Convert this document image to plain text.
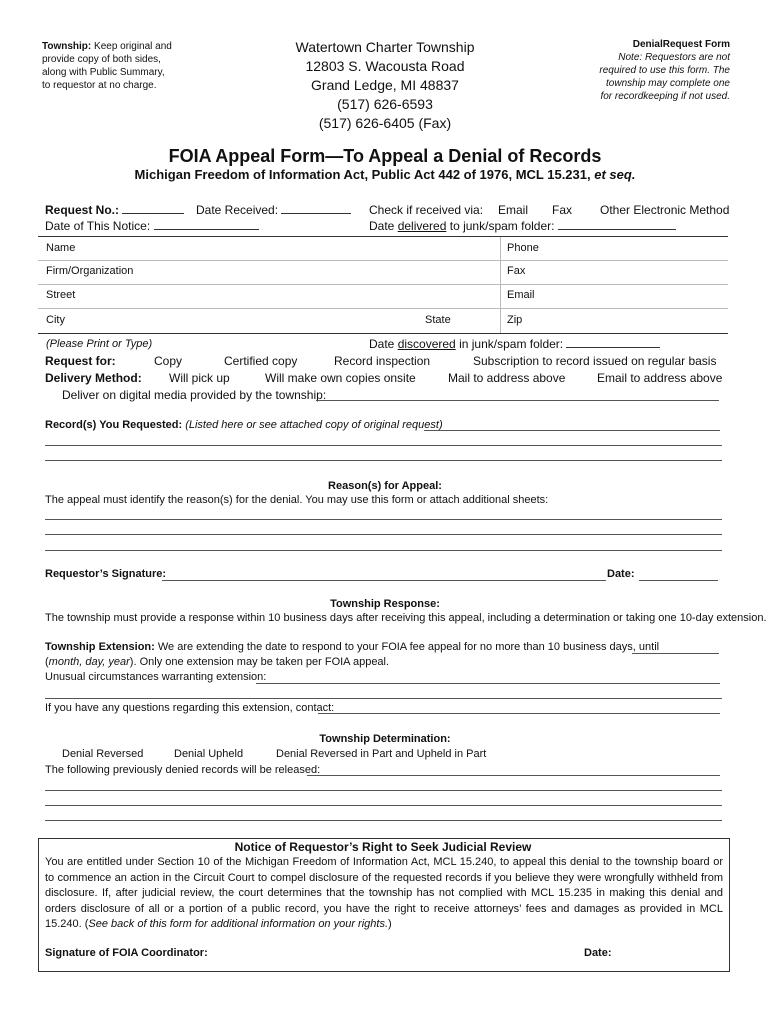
Township: Keep original and
provide copy of both sides,
along with Public Summary,
to requestor at no charge.
Watertown Charter Township
12803 S. Wacousta Road
Grand Ledge, MI 48837
(517) 626-6593
(517) 626-6405 (Fax)
DenialRequest Form
Note: Requestors are not
required to use this form. The
township may complete one
for recordkeeping if not used.
FOIA Appeal Form—To Appeal a Denial of Records
Michigan Freedom of Information Act, Public Act 442 of 1976, MCL 15.231, et seq.
Request No.:	Date Received:	Check if received via: Email Fax Other Electronic Method
Date of This Notice:	Date delivered to junk/spam folder:
Name	Phone
Firm/Organization	Fax
Street	Email
City	State	Zip
(Please Print or Type)	Date discovered in junk/spam folder:
Request for:	Copy	Certified copy	Record inspection	Subscription to record issued on regular basis
Delivery Method: Will pick up	Will make own copies onsite	Mail to address above	Email to address above
Deliver on digital media provided by the township:
Record(s) You Requested: (Listed here or see attached copy of original request)
Reason(s) for Appeal:
The appeal must identify the reason(s) for the denial. You may use this form or attach additional sheets:
Requestor’s Signature:	Date:
Township Response:
The township must provide a response within 10 business days after receiving this appeal, including a determination or taking one 10-day extension.
Township Extension: We are extending the date to respond to your FOIA fee appeal for no more than 10 business days, until
(month, day, year). Only one extension may be taken per FOIA appeal.
Unusual circumstances warranting extension:
If you have any questions regarding this extension, contact:
Township Determination:
Denial Reversed	Denial Upheld	Denial Reversed in Part and Upheld in Part
The following previously denied records will be released:
Notice of Requestor’s Right to Seek Judicial Review
You are entitled under Section 10 of the Michigan Freedom of Information Act, MCL 15.240, to appeal this denial to the township board or to commence an action in the Circuit Court to compel disclosure of the requested records if you believe they were wrongfully withheld from disclosure. If, after judicial review, the court determines that the township has not complied with MCL 15.235 in making this denial and orders disclosure of all or a portion of a public record, you have the right to receive attorneys’ fees and damages as provided in MCL 15.240. (See back of this form for additional information on your rights.)
Signature of FOIA Coordinator:	Date:
